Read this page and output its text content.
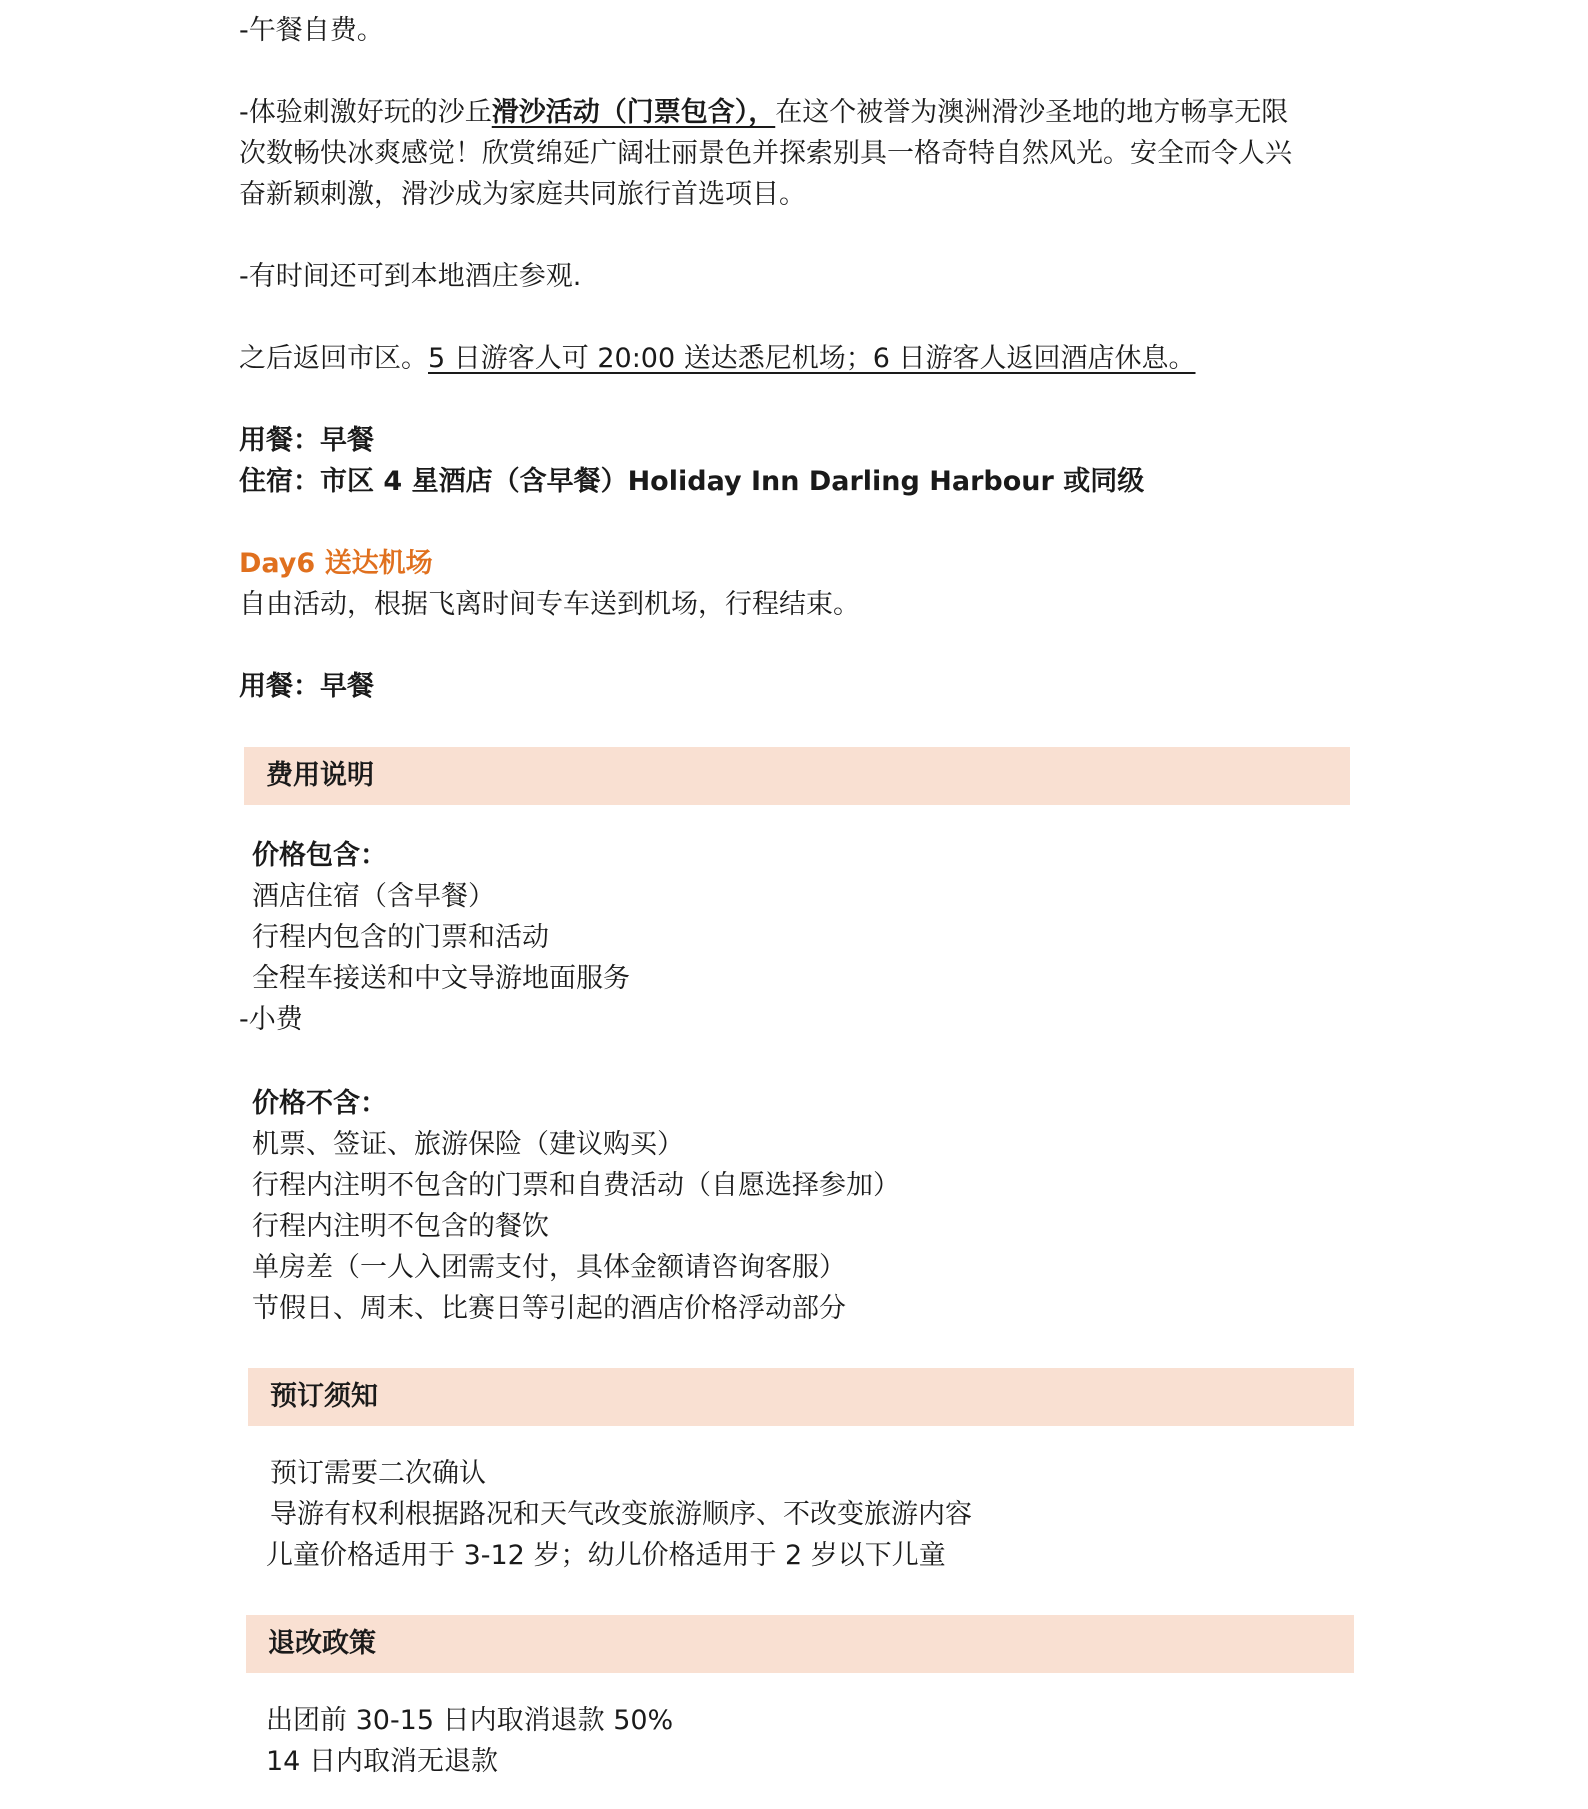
-午餐自费。
-体验刺激好玩的沙丘滑沙活动（门票包含），在这个被誉为澳洲滑沙圣地的地方畅享无限
次数畅快冰爽感觉！欣赏绵延广阔壮丽景色并探索别具一格奇特自然风光。安全而令人兴
奋新颖刺激，滑沙成为家庭共同旅行首选项目。
-有时间还可到本地酒庄参观.
之后返回市区。5 日游客人可 20:00 送达悉尼机场；6 日游客人返回酒店休息。
用餐：早餐
住宿：市区 4 星酒店（含早餐）Holiday Inn Darling Harbour 或同级
Day6 送达机场
自由活动，根据飞离时间专车送到机场，行程结束。
用餐：早餐
费用说明
价格包含：
酒店住宿（含早餐）
行程内包含的门票和活动
全程车接送和中文导游地面服务
-小费
价格不含：
机票、签证、旅游保险（建议购买）
行程内注明不包含的门票和自费活动（自愿选择参加）
行程内注明不包含的餐饮
单房差（一人入团需支付，具体金额请咨询客服）
节假日、周末、比赛日等引起的酒店价格浮动部分
预订须知
预订需要二次确认
导游有权利根据路况和天气改变旅游顺序、不改变旅游内容
儿童价格适用于 3-12 岁；幼儿价格适用于 2 岁以下儿童
退改政策
出团前 30-15 日内取消退款 50%
14 日内取消无退款
